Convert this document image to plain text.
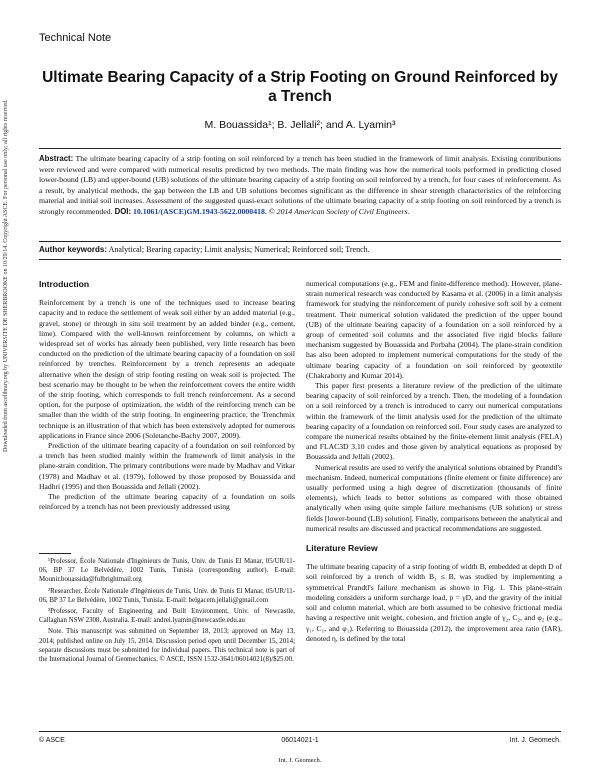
Technical Note
Ultimate Bearing Capacity of a Strip Footing on Ground Reinforced by a Trench
M. Bouassida¹; B. Jellali²; and A. Lyamin³
Abstract: The ultimate bearing capacity of a strip footing on soil reinforced by a trench has been studied in the framework of limit analysis. Existing contributions were reviewed and were compared with numerical results predicted by two methods. The main finding was how the numerical tools performed in predicting closed lower-bound (LB) and upper-bound (UB) solutions of the ultimate bearing capacity of a strip footing on soil reinforced by a trench, for four cases of reinforcement. As a result, by analytical methods, the gap between the LB and UB solutions becomes significant as the difference in shear strength characteristics of the reinforcing material and initial soil increases. Assessment of the suggested quasi-exact solutions of the ultimate bearing capacity of a strip footing on soil reinforced by a trench is strongly recommended. DOI: 10.1061/(ASCE)GM.1943-5622.0000418. © 2014 American Society of Civil Engineers.
Author keywords: Analytical; Bearing capacity; Limit analysis; Numerical; Reinforced soil; Trench.
Introduction

Reinforcement by a trench is one of the techniques used to increase bearing capacity and to reduce the settlement of weak soil either by an added material (e.g., gravel, stone) or through in situ soil treatment by an added binder (e.g., cement, lime). Compared with the well-known reinforcement by columns, on which a widespread set of works has already been published, very little research has been conducted on the prediction of the ultimate bearing capacity of a foundation on soil reinforced by trenches. Reinforcement by a trench represents an adequate alternative when the design of strip footing resting on weak soil is projected. The best scenario may be thought to be when the reinforcement covers the entire width of the strip footing, which corresponds to full trench reinforcement. As a second option, for the purpose of optimization, the width of the reinforcing trench can be smaller than the width of the strip footing. In engineering practice, the Trenchmix technique is an illustration of that which has been extensively adopted for numerous applications in France since 2006 (Soletanche-Bachy 2007, 2009).

Prediction of the ultimate bearing capacity of a foundation on soil reinforced by a trench has been studied mainly within the framework of limit analysis in the plane-strain condition. The primary contributions were made by Madhav and Vitkar (1978) and Madhav et al. (1979), followed by those proposed by Bouassida and Hadhri (1995) and then Bouassida and Jellali (2002).

The prediction of the ultimate bearing capacity of a foundation on soils reinforced by a trench has not been previously addressed using

¹Professor, École Nationale d'Ingénieurs de Tunis, Univ. de Tunis El Manar, 05/UR/11-06, BP 37 Le Belvédère, 1002 Tunis, Tunisia (corresponding author). E-mail: Mounir.bouassida@fulbrightmail.org

²Researcher, École Nationale d'Ingénieurs de Tunis, Univ. de Tunis El Manar, 05/UR/11-06, BP 37 Le Belvédère, 1002 Tunis, Tunisia. E-mail: belgacem.jellali@gmail.com

³Professor, Faculty of Engineering and Built Environment, Univ. of Newcastle, Callaghan NSW 2308, Australia. E-mail: andrei.lyamin@newcastle.edu.au

Note. This manuscript was submitted on September 18, 2013; approved on May 13, 2014; published online on July 15, 2014. Discussion period open until December 15, 2014; separate discussions must be submitted for individual papers. This technical note is part of the International Journal of Geomechanics, © ASCE, ISSN 1532-3641/06014021(8)/$25.00.

numerical computations (e.g., FEM and finite-difference method). However, plane-strain numerical research was conducted by Kasama et al. (2006) in a limit analysis framework for studying the reinforcement of purely cohesive soft soil by a cement treatment. Their numerical solution validated the prediction of the upper bound (UB) of the ultimate bearing capacity of a foundation on a soil reinforced by a group of cemented soil columns and the associated five rigid blocks failure mechanism suggested by Bouassida and Porbaha (2004). The plane-strain condition has also been adopted to implement numerical computations for the study of the ultimate bearing capacity of a foundation on soil reinforced by geotextile (Chakraborty and Kumar 2014).

This paper first presents a literature review of the prediction of the ultimate bearing capacity of soil reinforced by a trench. Then, the modeling of a foundation on a soil reinforced by a trench is introduced to carry out numerical computations within the framework of the limit analysis used for the prediction of the ultimate bearing capacity of a foundation on reinforced soil. Four study cases are analyzed to compare the numerical results obtained by the finite-element limit analysis (FELA) and FLAC3D 3.10 codes and those given by analytical equations as proposed by Bouassida and Jellali (2002).

Numerical results are used to verify the analytical solutions obtained by Prandtl's mechanism. Indeed, numerical computations (finite element or finite difference) are usually performed using a high degree of discretization (thousands of finite elements), which leads to better solutions as compared with those obtained analytically when using quite simple failure mechanisms (UB solution) or stress fields [lower-bound (LB) solution]. Finally, comparisons between the analytical and numerical results are discussed and practical recommendations are suggested.

Literature Review

The ultimate bearing capacity of a strip footing of width B, embedded at depth D of soil reinforced by a trench of width B₁ ≤ B, was studied by implementing a symmetrical Prandtl's failure mechanism as shown in Fig. 1. This plane-strain modeling considers a uniform surcharge load, p = γD, and the gravity of the initial soil and column material, which are both assumed to be cohesive frictional media having a respective unit weight, cohesion, and friction angle of γ₂, C₂, and φ₂ (e.g., γ₁, C₁, and φ₁). Referring to Bouassida (2012), the improvement area ratio (IAR), denoted η, is defined by the total

Downloaded from ascelibrary.org by UNIVERSITE DE SHERBROOKE on 10/29/14. Copyright ASCE. For personal use only; all rights reserved.
© ASCE	06014021-1	Int. J. Geomech.
Int. J. Geomech.
